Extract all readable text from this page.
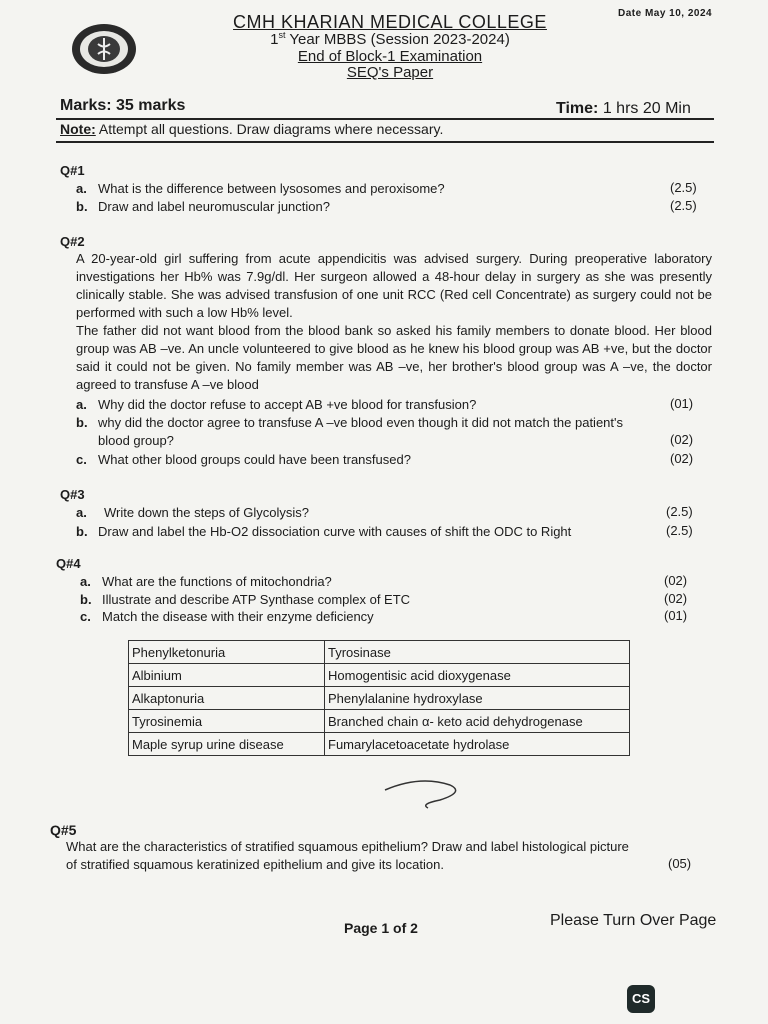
Date May 10, 2024
CMH KHARIAN MEDICAL COLLEGE
1st Year MBBS (Session 2023-2024)
End of Block-1 Examination
SEQ's Paper
Marks: 35 marks	Time: 1 hrs 20 Min
Note: Attempt all questions. Draw diagrams where necessary.
Q#1
a. What is the difference between lysosomes and peroxisome?	(2.5)
b. Draw and label neuromuscular junction?	(2.5)
Q#2
A 20-year-old girl suffering from acute appendicitis was advised surgery. During preoperative laboratory investigations her Hb% was 7.9g/dl. Her surgeon allowed a 48-hour delay in surgery as she was presently clinically stable. She was advised transfusion of one unit RCC (Red cell Concentrate) as surgery could not be performed with such a low Hb% level.
The father did not want blood from the blood bank so asked his family members to donate blood. Her blood group was AB –ve. An uncle volunteered to give blood as he knew his blood group was AB +ve, but the doctor said it could not be given. No family member was AB –ve, her brother's blood group was A –ve, the doctor agreed to transfuse A –ve blood
a. Why did the doctor refuse to accept AB +ve blood for transfusion?	(01)
b. why did the doctor agree to transfuse A –ve blood even though it did not match the patient's
blood group?	(02)
c. What other blood groups could have been transfused?	(02)
Q#3
a. Write down the steps of Glycolysis?	(2.5)
b. Draw and label the Hb-O2 dissociation curve with causes of shift the ODC to Right	(2.5)
Q#4
a. What are the functions of mitochondria?	(02)
b. Illustrate and describe ATP Synthase complex of ETC	(02)
c. Match the disease with their enzyme deficiency	(01)
Phenylketonuria	Tyrosinase
Albinium	Homogentisic acid dioxygenase
Alkaptonuria	Phenylalanine hydroxylase
Tyrosinemia	Branched chain α- keto acid dehydrogenase
Maple syrup urine disease	Fumarylacetoacetate hydrolase
Q#5
What are the characteristics of stratified squamous epithelium? Draw and label histological picture
of stratified squamous keratinized epithelium and give its location.	(05)
Page 1 of 2	Please Turn Over Page
CS
